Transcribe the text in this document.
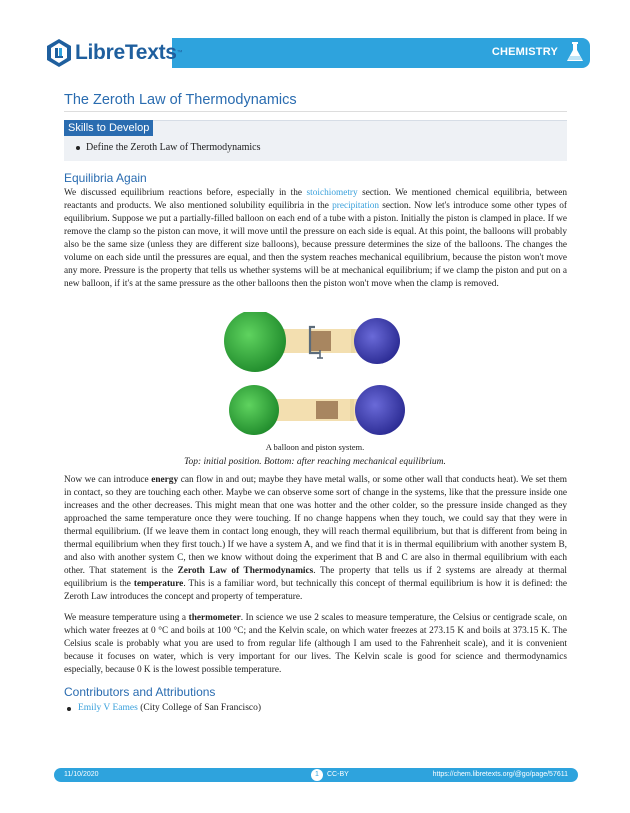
LibreTexts ™	CHEMISTRY
The Zeroth Law of Thermodynamics
Skills to Develop
Define the Zeroth Law of Thermodynamics
Equilibria Again

We discussed equilibrium reactions before, especially in the stoichiometry section. We mentioned chemical equilibria, between reactants and products. We also mentioned solubility equilibria in the precipitation section. Now let's introduce some other types of equilibrium. Suppose we put a partially-filled balloon on each end of a tube with a piston. Initially the piston is clamped in place. If we remove the clamp so the piston can move, it will move until the pressure on each side is equal. At this point, the balloons will probably also be the same size (unless they are different size balloons), because pressure determines the size of the balloons. The changes the volume on each side until the pressures are equal, and then the system reaches mechanical equilibrium, because the piston won't move any more. Pressure is the property that tells us whether systems will be at mechanical equilibrium; if we clamp the piston and put on a new balloon, if it's at the same pressure as the other balloons then the piston won't move when the clamp is removed.

A balloon and piston system.
Top: initial position. Bottom: after reaching mechanical equilibrium.

Now we can introduce energy can flow in and out; maybe they have metal walls, or some other wall that conducts heat). We set them in contact, so they are touching each other. Maybe we can observe some sort of change in the systems, like that the pressure inside one increases and the other decreases. This might mean that one was hotter and the other colder, so the pressure inside changed as they approached the same temperature once they were touching. If no change happens when they touch, we could say that they were in thermal equilibrium. (If we leave them in contact long enough, they will reach thermal equilibrium, but that is different from being in thermal equilibrium when they first touch.) If we have a system A, and we find that it is in thermal equilibrium with another system B, and also with another system C, then we know without doing the experiment that B and C are also in thermal equilibrium with each other. That statement is the Zeroth Law of Thermodynamics. The property that tells us if 2 systems are already at thermal equilibrium is the temperature. This is a familiar word, but technically this concept of thermal equilibrium is how it is defined: the Zeroth Law introduces the concept and property of temperature.

We measure temperature using a thermometer. In science we use 2 scales to measure temperature, the Celsius or centigrade scale, on which water freezes at 0 °C and boils at 100 °C; and the Kelvin scale, on which water freezes at 273.15 K and boils at 373.15 K. The Celsius scale is probably what you are used to from regular life (although I am used to the Fahrenheit scale), and it is convenient because it focuses on water, which is very important for our lives. The Kelvin scale is good for science and thermodynamics especially, because 0 K is the lowest possible temperature.

Contributors and Attributions
Emily V Eames (City College of San Francisco)
11/10/2020	CC-BY	https://chem.libretexts.org/@go/page/57611
1
